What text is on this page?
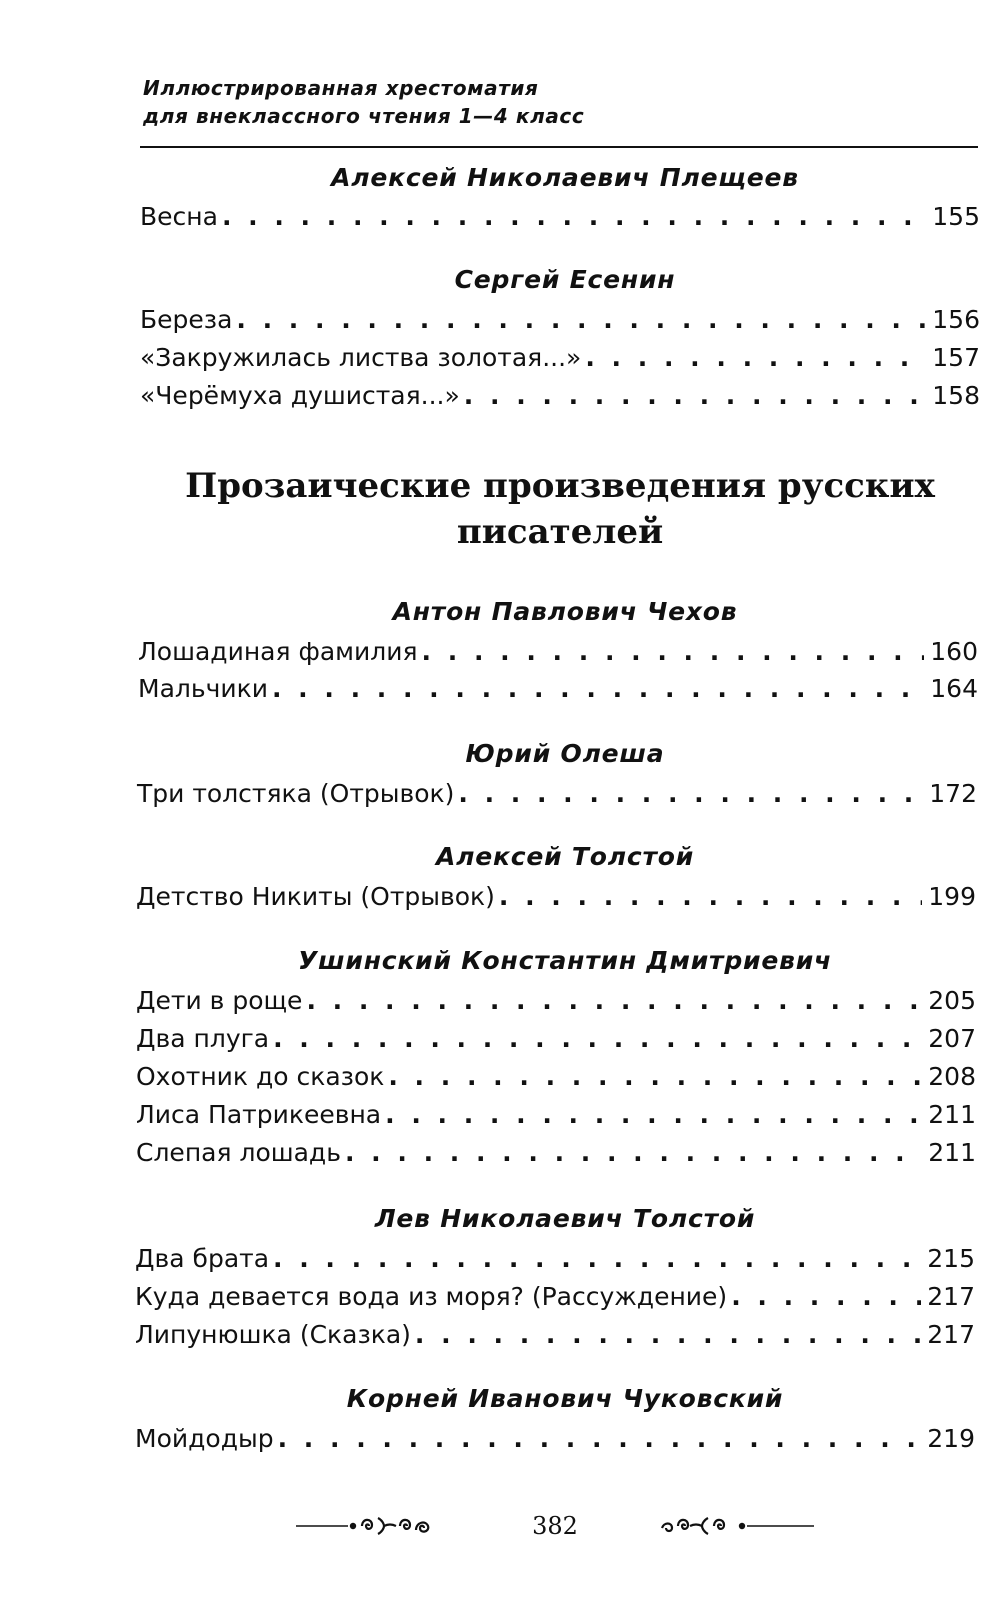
Иллюстрированная хрестоматия
для внеклассного чтения 1—4 класс
Алексей Николаевич Плещеев
Весна . . .	155
Сергей Есенин
Береза . . .	156
«Закружилась листва золотая...» . . .	157
«Черёмуха душистая...» . . .	158
Прозаические произведения русских
писателей
Антон Павлович Чехов
Лошадиная фамилия . . .	160
Мальчики . . .	164
Юрий Олеша
Три толстяка (Отрывок) . . .	172
Алексей Толстой
Детство Никиты (Отрывок) . . .	199
Ушинский Константин Дмитриевич
Дети в роще . . .	205
Два плуга . . .	207
Охотник до сказок . . .	208
Лиса Патрикеевна . . .	211
Слепая лошадь . . .	211
Лев Николаевич Толстой
Два брата . . .	215
Куда девается вода из моря? (Рассуждение) . . .	217
Липунюшка (Сказка) . . .	217
Корней Иванович Чуковский
Мойдодыр . . .	219
382
